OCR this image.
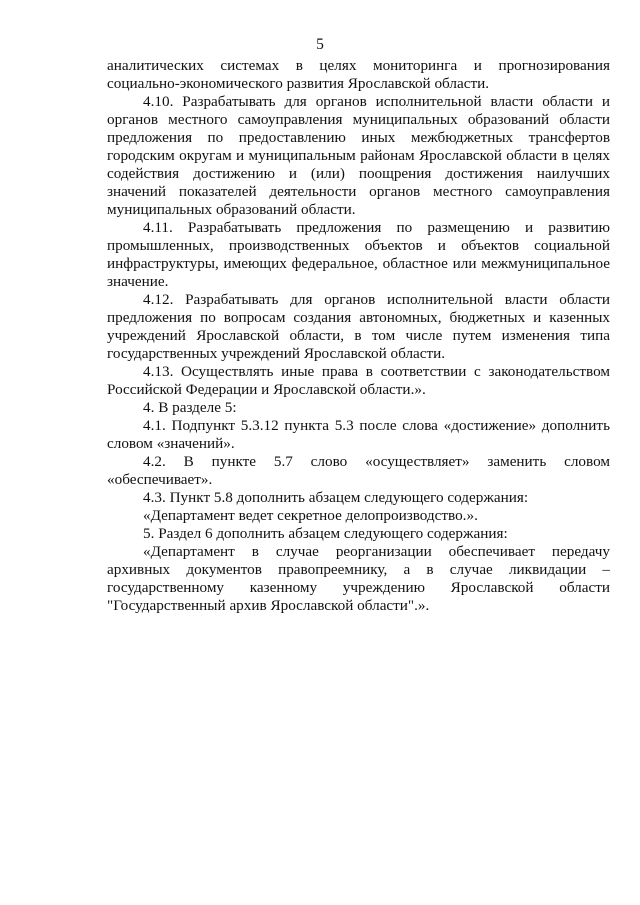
5

аналитических системах в целях мониторинга и прогнозирования социально-экономического развития Ярославской области.

4.10. Разрабатывать для органов исполнительной власти области и органов местного самоуправления муниципальных образований области предложения по предоставлению иных межбюджетных трансфертов городским округам и муниципальным районам Ярославской области в целях содействия достижению и (или) поощрения достижения наилучших значений показателей деятельности органов местного самоуправления муниципальных образований области.

4.11. Разрабатывать предложения по размещению и развитию промышленных, производственных объектов и объектов социальной инфраструктуры, имеющих федеральное, областное или межмуниципальное значение.

4.12. Разрабатывать для органов исполнительной власти области предложения по вопросам создания автономных, бюджетных и казенных учреждений Ярославской области, в том числе путем изменения типа государственных учреждений Ярославской области.

4.13. Осуществлять иные права в соответствии с законодательством Российской Федерации и Ярославской области.».

4. В разделе 5:

4.1. Подпункт 5.3.12 пункта 5.3 после слова «достижение» дополнить словом «значений».

4.2. В пункте 5.7 слово «осуществляет» заменить словом «обеспечивает».

4.3. Пункт 5.8 дополнить абзацем следующего содержания:

«Департамент ведет секретное делопроизводство.».

5. Раздел 6 дополнить абзацем следующего содержания:

«Департамент в случае реорганизации обеспечивает передачу архивных документов правопреемнику, а в случае ликвидации – государственному казенному учреждению Ярославской области "Государственный архив Ярославской области".».
